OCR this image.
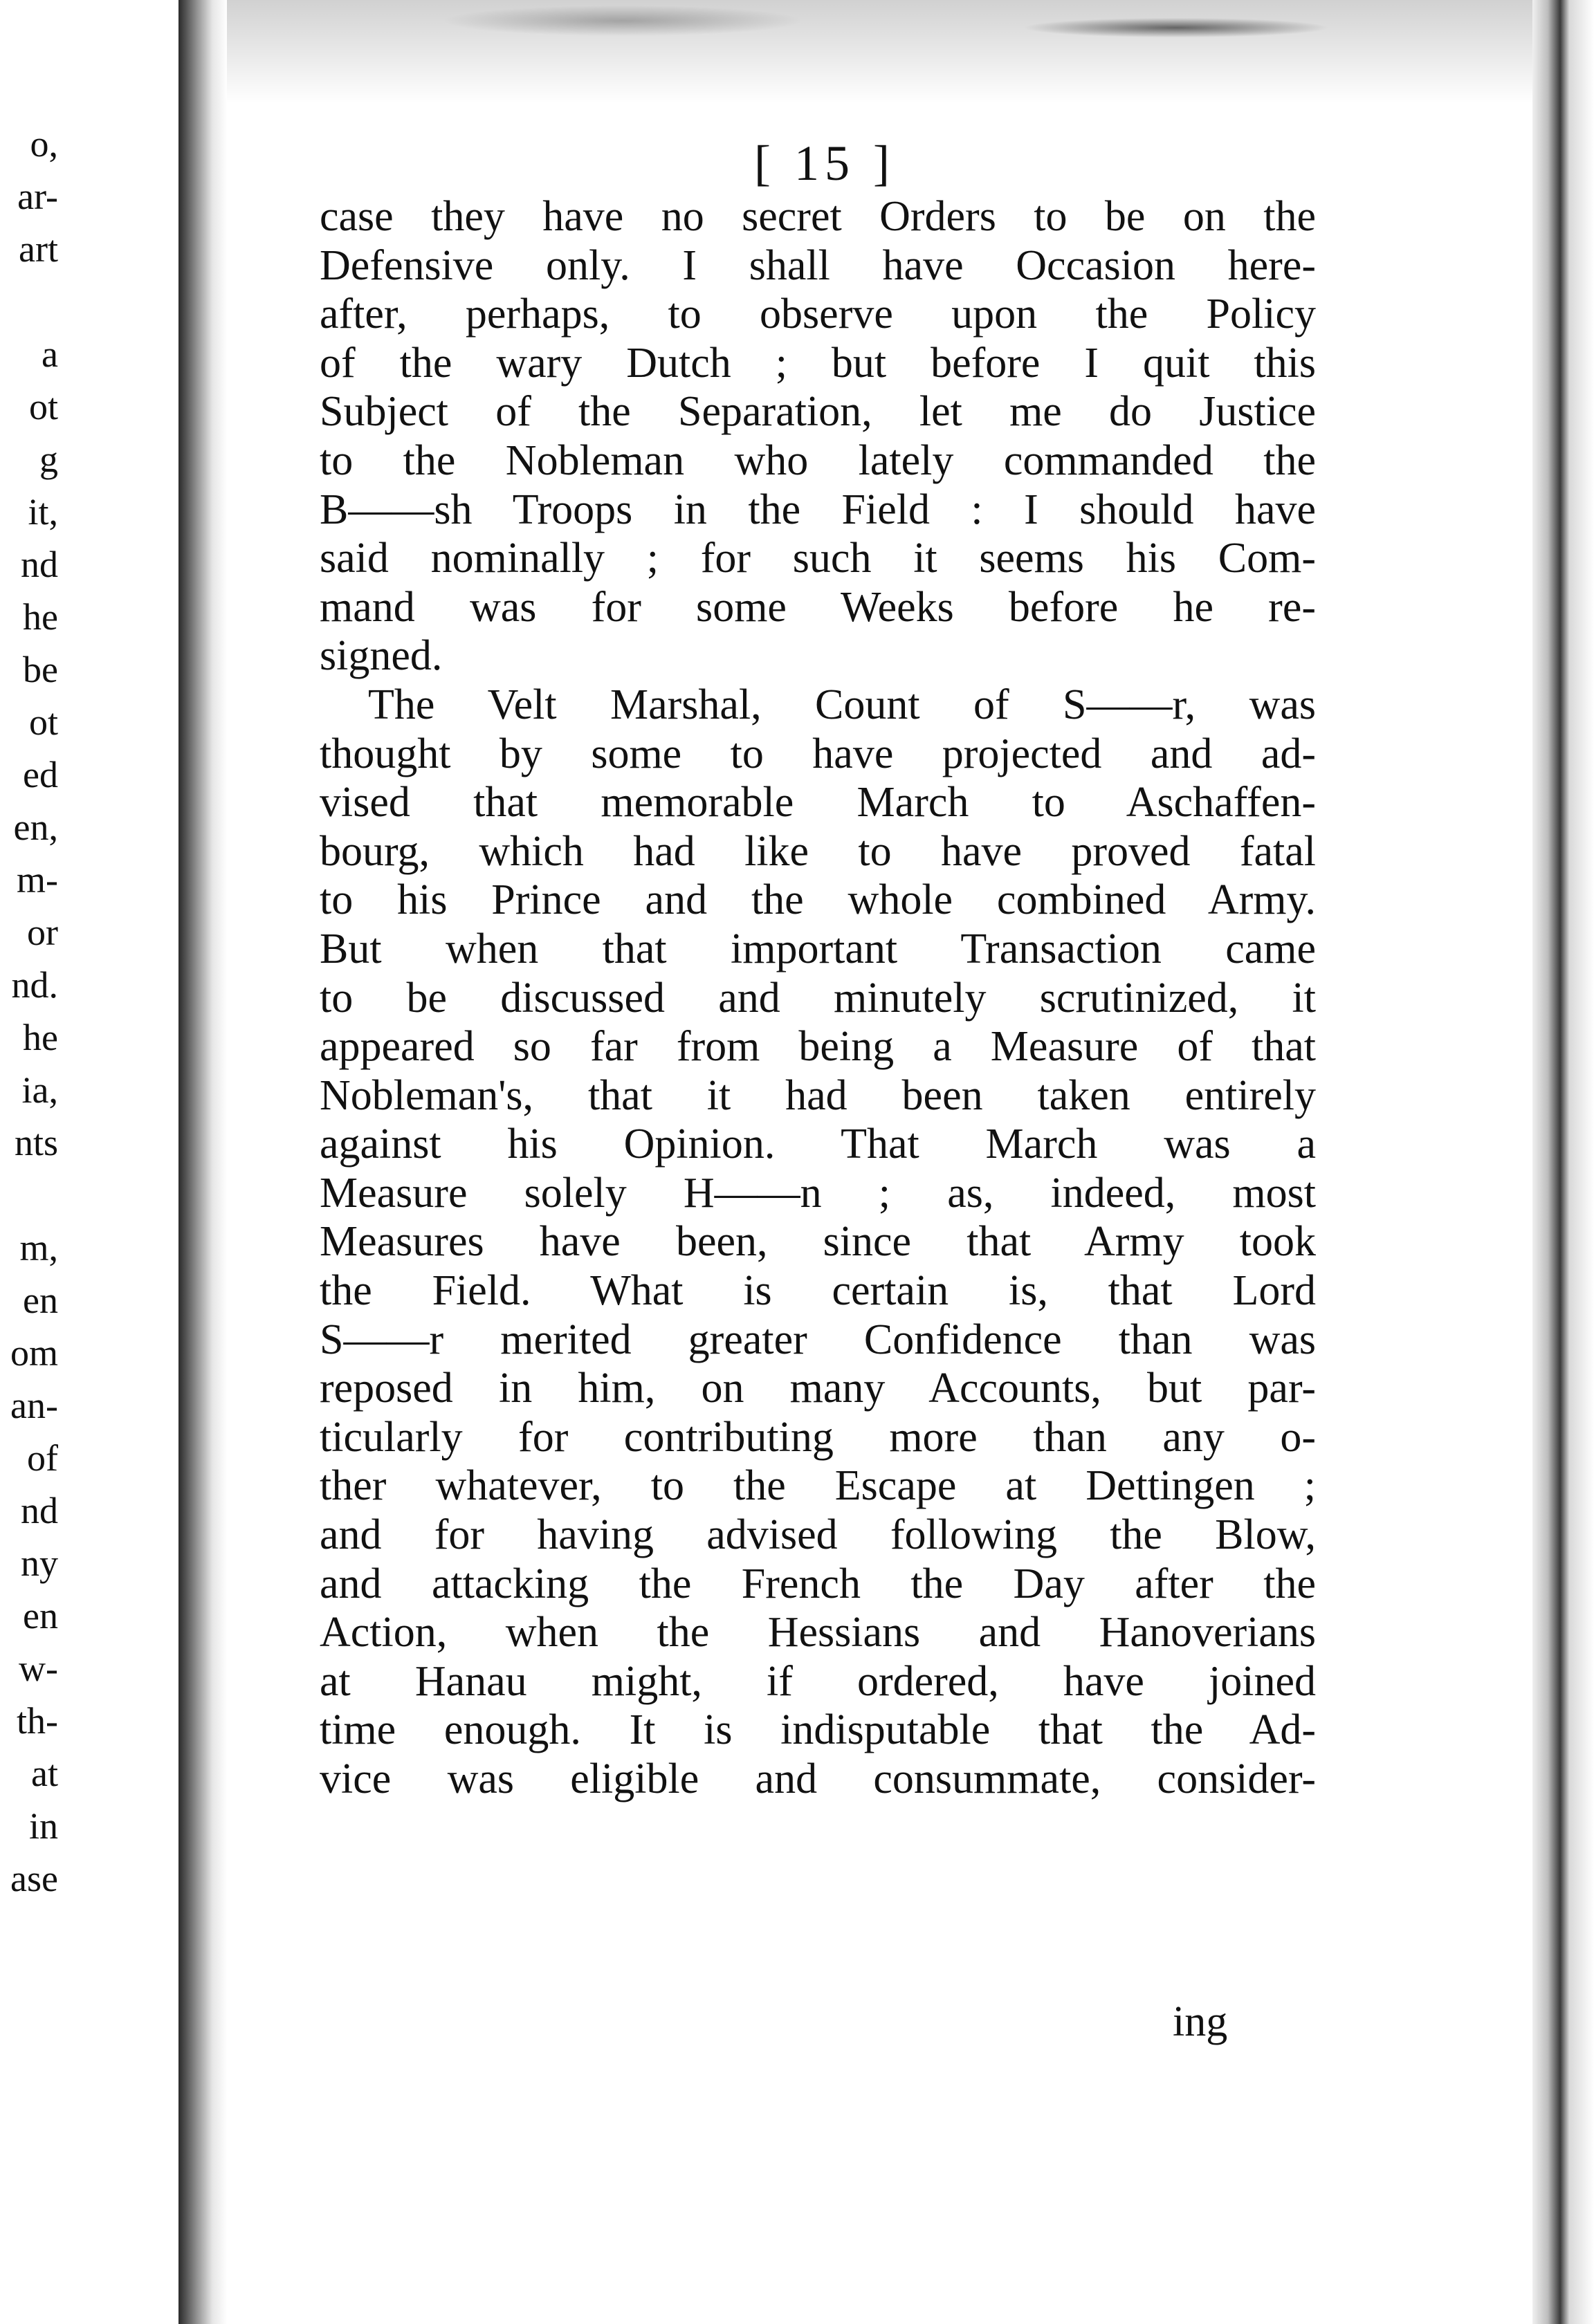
o,
ar-
art
a
ot
g
it,
nd
he
be
ot
ed
en,
m-
or
nd.
he
ia,
nts
m,
en
om
an-
of
nd
ny
en
w-
th-
at
in
ase
[ 15 ]
case they have no secret Orders to be on the
Defensive only. I shall have Occasion here-
after, perhaps, to observe upon the Policy
of the wary Dutch ; but before I quit this
Subject of the Separation, let me do Justice
to the Nobleman who lately commanded the
B——sh Troops in the Field : I should have
said nominally ; for such it seems his Com-
mand was for some Weeks before he re-
signed.
The Velt Marshal, Count of S——r, was
thought by some to have projected and ad-
vised that memorable March to Aschaffen-
bourg, which had like to have proved fatal
to his Prince and the whole combined Army.
But when that important Transaction came
to be discussed and minutely scrutinized, it
appeared so far from being a Measure of that
Nobleman's, that it had been taken entirely
against his Opinion. That March was a
Measure solely H——n ; as, indeed, most
Measures have been, since that Army took
the Field. What is certain is, that Lord
S——r merited greater Confidence than was
reposed in him, on many Accounts, but par-
ticularly for contributing more than any o-
ther whatever, to the Escape at Dettingen ;
and for having advised following the Blow,
and attacking the French the Day after the
Action, when the Hessians and Hanoverians
at Hanau might, if ordered, have joined
time enough. It is indisputable that the Ad-
vice was eligible and consummate, consider-
ing
